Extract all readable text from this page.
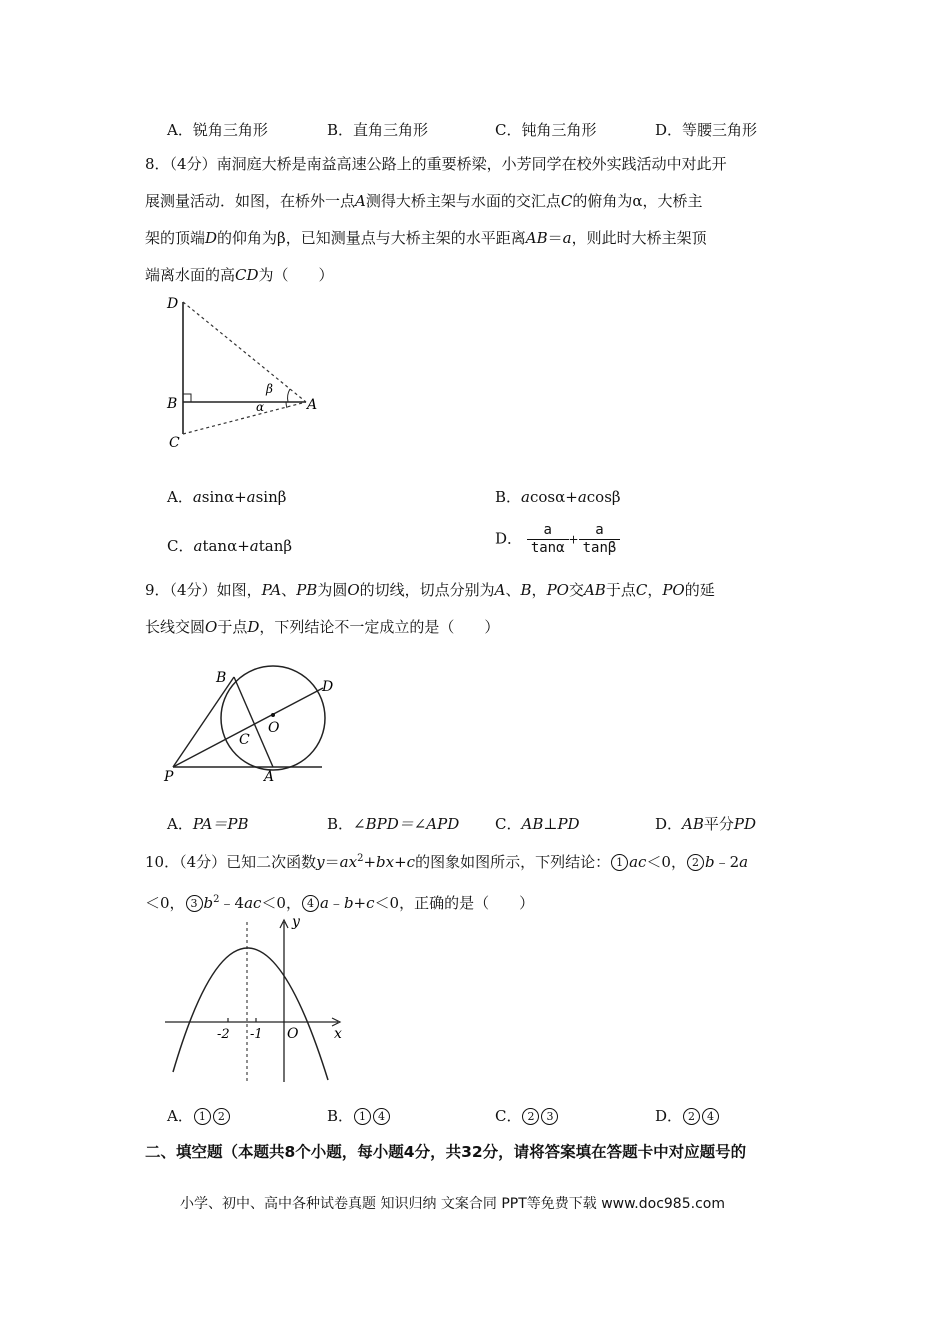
A．锐角三角形	B．直角三角形	C．钝角三角形	D．等腰三角形

8．（4分）南洞庭大桥是南益高速公路上的重要桥梁，小芳同学在校外实践活动中对此开

展测量活动．如图，在桥外一点A测得大桥主架与水面的交汇点C的俯角为α，大桥主

架的顶端D的仰角为β，已知测量点与大桥主架的水平距离AB＝a，则此时大桥主架顶

端离水面的高CD为（　　）

D
B
C
A
β
α
A．asinα+asinβ	B．acosα+acosβ
C．atanα+atanβ	D． $\frac{a}{\tan\alpha} + \frac{a}{\tan\beta}$

9．（4分）如图，PA、PB为圆O的切线，切点分别为A、B，PO交AB于点C，PO的延

长线交圆O于点D，下列结论不一定成立的是（　　）

B
D
O
C
P	A
A．PA＝PB	B．∠BPD＝∠APD C．AB⊥PD	D．AB平分PD

10．（4分）已知二次函数$y=ax^2+bx+c$的图象如图所示，下列结论： 1 ac＜0， 2 b﹣2a

＜0， 3 $b^2﹣4ac<0$， 4 a﹣b+c＜0，正确的是（　　）

y
x
O
-2 -1
A． 1 2	B． 1 4	C． 2 3	D． 2 4
二、填空题（本题共8个小题，每小题4分，共32分，请将答案填在答题卡中对应题号的
小学、初中、高中各种试卷真题 知识归纳 文案合同 PPT等免费下载 www.doc985.com
